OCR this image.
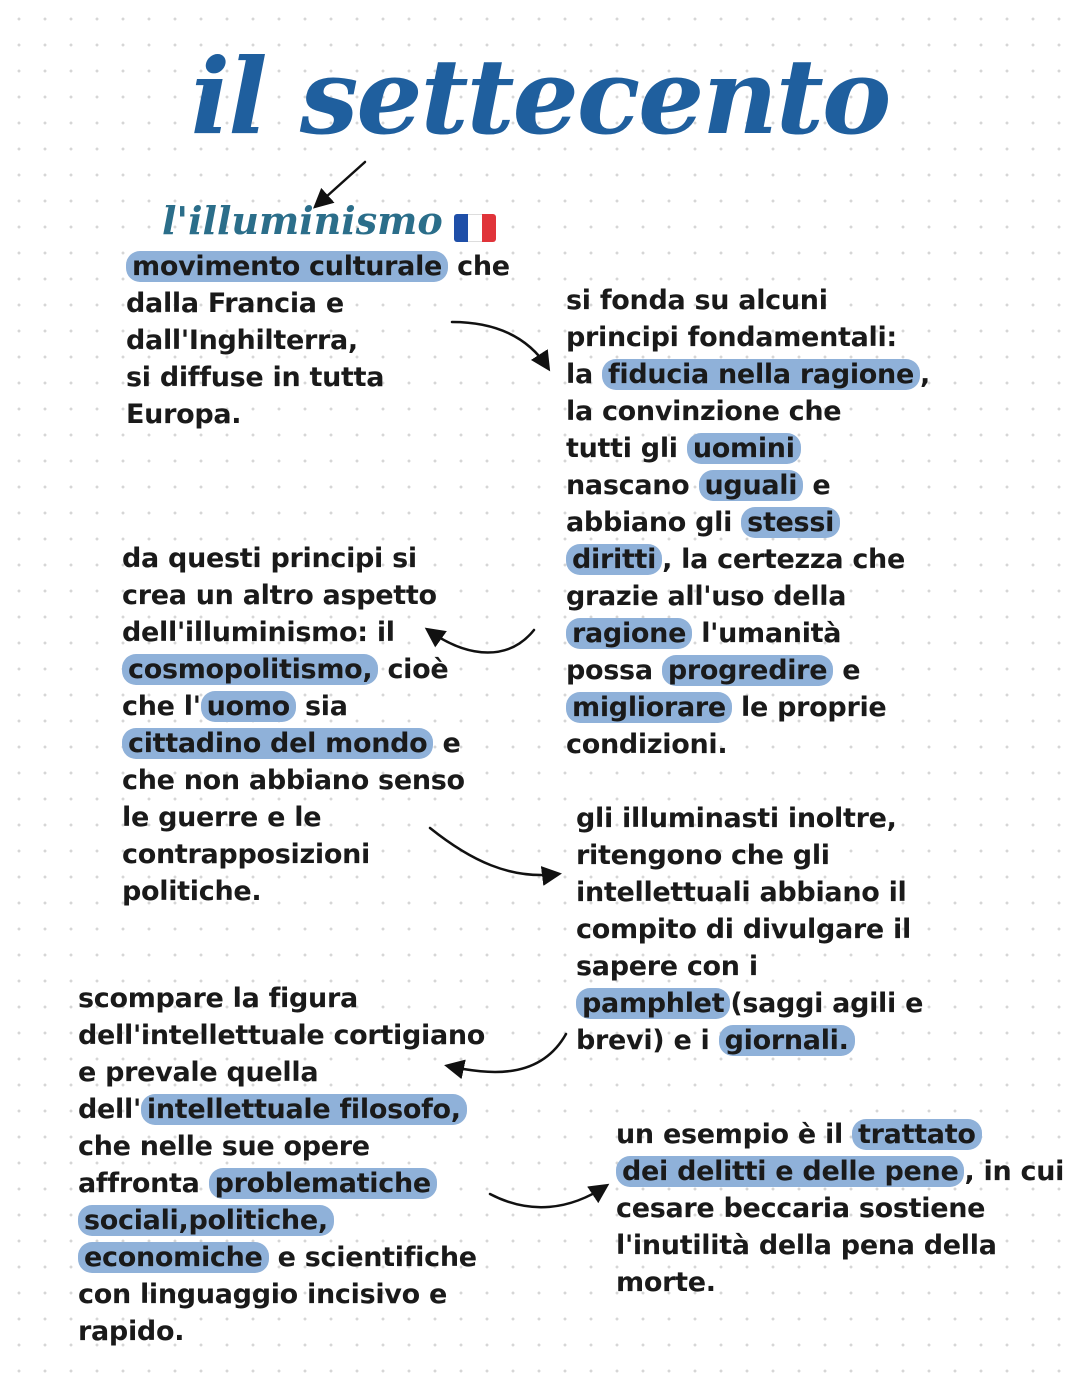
il settecento
l'illuminismo
movimento culturale che
dalla Francia e
dall'Inghilterra,
si diffuse in tutta
Europa.
si fonda su alcuni
principi fondamentali:
la fiducia nella ragione ,
la convinzione che
tutti gli uomini
nascano uguali e
abbiano gli stessi
diritti , la certezza che
grazie all'uso della
ragione l'umanità
possa progredire e
migliorare le proprie
condizioni.
da questi principi si
crea un altro aspetto
dell'illuminismo: il
cosmopolitismo, cioè
che l' uomo sia
cittadino del mondo e
che non abbiano senso
le guerre e le
contrapposizioni
politiche.
gli illuminasti inoltre,
ritengono che gli
intellettuali abbiano il
compito di divulgare il
sapere con i
pamphlet (saggi agili e
brevi) e i giornali.
scompare la figura
dell'intellettuale cortigiano
e prevale quella
dell' intellettuale filosofo,
che nelle sue opere
affronta problematiche
sociali,politiche,
economiche e scientifiche
con linguaggio incisivo e
rapido.
un esempio è il trattato
dei delitti e delle pene , in cui
cesare beccaria sostiene
l'inutilità della pena della
morte.
